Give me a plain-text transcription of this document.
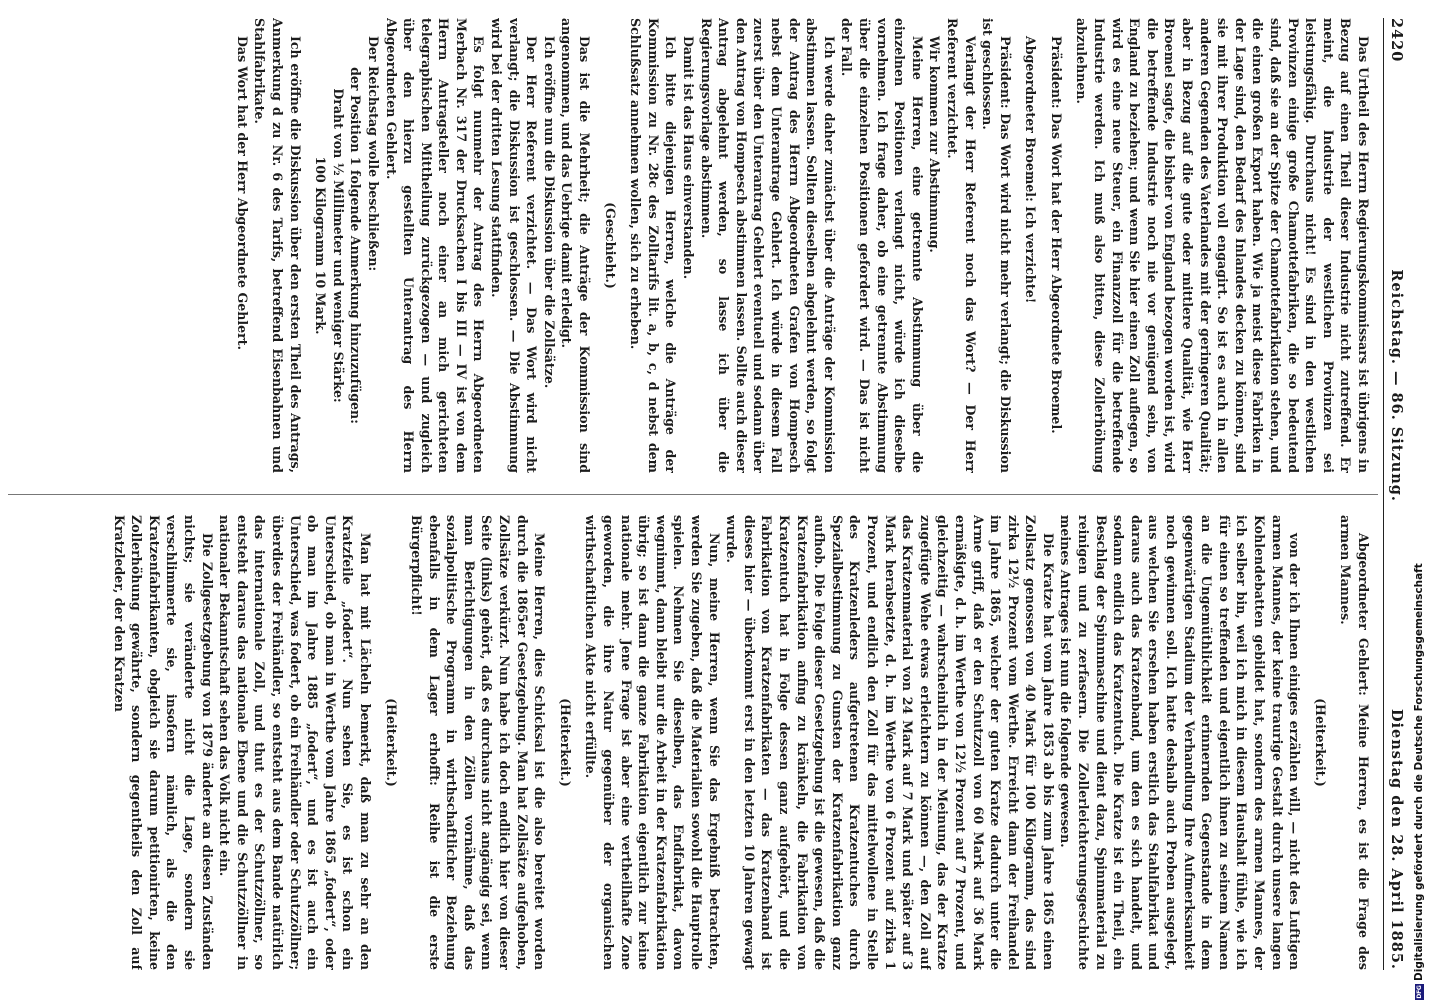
2420
Reichstag. — 86. Sitzung.
Dienstag den 28. April 1885.

Das Urtheil des Herrn Regierungskommissars ist übrigens in Bezug auf einen Theil dieser Industrie nicht zutreffend. Er meint, die Industrie der westlichen Provinzen sei leistungsfähig. Durchaus nicht! Es sind in den westlichen Provinzen einige große Chamottefabriken, die so bedeutend sind, daß sie an der Spitze der Chamottefabrikation stehen, und die einen großen Export haben. Wie ja meist diese Fabriken in der Lage sind, den Bedarf des Inlandes decken zu können, sind sie mit ihrer Produktion voll engagirt. So ist es auch in allen anderen Gegenden des Vaterlandes mit der geringeren Qualität; aber in Bezug auf die gute oder mittlere Qualität, wie Herr Broemel sagte, die bisher von England bezogen worden ist, wird die betreffende Industrie noch nie vor genügend sein, von England zu beziehen; und wenn Sie hier einen Zoll auflegen, so wird es eine neue Steuer, ein Finanzzoll für die betreffende Industrie werden. Ich muß also bitten, diese Zollerhöhung abzulehnen.

Präsident: Das Wort hat der Herr Abgeordnete Broemel.

Abgeordneter Broemel: Ich verzichte!

Präsident: Das Wort wird nicht mehr verlangt; die Diskussion ist geschlossen.

Verlangt der Herr Referent noch das Wort? — Der Herr Referent verzichtet.

Wir kommen zur Abstimmung.

Meine Herren, eine getrennte Abstimmung über die einzelnen Positionen verlangt nicht, würde ich dieselbe vornehmen. Ich frage daher, ob eine getrennte Abstimmung über die einzelnen Positionen gefordert wird. — Das ist nicht der Fall.

Ich werde daher zunächst über die Anträge der Kommission abstimmen lassen. Sollten dieselben abgelehnt werden, so folgt der Antrag des Herrn Abgeordneten Grafen von Hompesch nebst dem Unterantrage Gehlert. Ich würde in diesem Fall zuerst über den Unterantrag Gehlert eventuell und sodann über den Antrag von Hompesch abstimmen lassen. Sollte auch dieser Antrag abgelehnt werden, so lasse ich über die Regierungsvorlage abstimmen.

Damit ist das Haus einverstanden.

Ich bitte diejenigen Herren, welche die Anträge der Kommission zu Nr. 28c des Zolltarifs lit. a, b, c, d nebst dem Schlußsatz annehmen wollen, sich zu erheben.

(Geschieht.)

Das ist die Mehrheit; die Anträge der Kommission sind angenommen, und das Uebrige damit erledigt.

Ich eröffne nun die Diskussion über die Zollsätze.

Der Herr Referent verzichtet. — Das Wort wird nicht verlangt; die Diskussion ist geschlossen. — Die Abstimmung wird bei der dritten Lesung stattfinden.

Es folgt nunmehr der Antrag des Herrn Abgeordneten Merbach Nr. 317 der Drucksachen I bis III — IV ist von dem Herrn Antragsteller noch einer an mich gerichteten telegraphischen Mittheilung zurückgezogen — und zugleich über den hierzu gestellten Unterantrag des Herrn Abgeordneten Gehlert.

Der Reichstag wolle beschließen:

der Position 1 folgende Anmerkung hinzuzufügen:

Draht von ½ Millimeter und weniger Stärke:

100 Kilogramm 10 Mark.

Ich eröffne die Diskussion über den ersten Theil des Antrags, Anmerkung d zu Nr. 6 des Tarifs, betreffend Eisenbahnen und Stahlfabrikate.

Das Wort hat der Herr Abgeordnete Gehlert.

Abgeordneter Gehlert: Meine Herren, es ist die Frage des armen Mannes.

(Heiterkeit.)

von der ich Ihnen einiges erzählen will, — nicht des Luftigen armen Mannes, der keine traurige Gestalt durch unsere langen Kohlendebatten gebildet hat, sondern des armen Mannes, der ich selber bin, weil ich mich in diesem Haushalt fühle, wie ich für einen so treffenden und eigentlich ihnen zu seinem Namen an die Ungemüthlichkeit erinnernden Gegenstande in dem gegenwärtigen Stadium der Verhandlung Ihre Aufmerksamkeit noch gewinnen soll. Ich hatte deshalb auch Proben ausgelegt, aus welchen Sie ersehen haben erstlich das Stahlfabrikat und daraus auch das Kratzenband, um den es sich handelt, und sodann endlich das Kratzentuch. Die Kratze ist ein Theil, ein Beschlag der Spinnmaschine und dient dazu, Spinnmaterial zu reinigen und zu zerfasern. Die Zollerleichterungsgeschichte meines Antrages ist nun die folgende gewesen.

Die Kratze hat vom Jahre 1853 ab bis zum Jahre 1865 einen Zollsatz genossen von 40 Mark für 100 Kilogramm, das sind zirka 12½ Prozent vom Werthe. Erreicht dann der Freihandel im Jahre 1865, welcher der guten Kratze dadurch unter die Arme griff, daß er den Schutzzoll von 60 Mark auf 36 Mark ermäßigte, d. h. im Werthe von 12½ Prozent auf 7 Prozent, und gleichzeitig — wahrscheinlich in der Meinung, das der Kratze zugefügte Wehe etwas erleichtern zu können —, den Zoll auf das Kratzenmaterial von 24 Mark auf 7 Mark und später auf 3 Mark herabsetzte, d. h. im Werthe von 6 Prozent auf zirka 1 Prozent, und endlich den Zoll für das mittelwollene in Stelle des Kratzenleders aufgetretenen Kratzentuches durch Spezialbestimmung zu Gunsten der Kratzenfabrikation ganz aufhob. Die Folge dieser Gesetzgebung ist die gewesen, daß die Kratzenfabrikation anfing zu kränkeln, die Fabrikation von Kratzentuch hat in Folge dessen ganz aufgehört, und die Fabrikation von Kratzenfabrikaten — das Kratzenband ist dieses hier — überkommt erst in den letzten 10 Jahren gewagt wurde.

Nun, meine Herren, wenn Sie das Ergebniß betrachten, werden Sie zugeben, daß die Materialien sowohl die Hauptrolle spielen. Nehmen Sie dieselben, das Endfabrikat, davon wegnimmt, dann bleibt nur die Arbeit in der Kratzenfabrikation übrig; so ist dann die ganze Fabrikation eigentlich zur keine nationale mehr. Jene Frage ist aber eine vertheilhafte Zone geworden, die ihre Natur gegenüber der organischen wirthschaftlichen Akte nicht erfüllte.

(Heiterkeit.)

Meine Herren, dies Schicksal ist die also bereitet worden durch die 1865er Gesetzgebung. Man hat Zollsätze aufgehoben, Zollsätze verkürzt. Nun habe ich doch endlich hier von dieser Seite (links) gehört, daß es durchaus nicht angängig sei, wenn man Berichtigungen in den Zöllen vornähme, daß das sozialpolitische Programm in wirthschaftlicher Beziehung ebenfalls in dem Lager erhofft: Reihe ist die erste Bürgerpflicht!

(Heiterkeit.)

Man hat mit Lächeln bemerkt, daß man zu sehr an den Kratzfeile „fodert“. Nun sehen Sie, es ist schon ein Unterschied, ob man in Werthe vom Jahre 1865 „fodert“, oder ob man im Jahre 1885 „fodert“, und es ist auch ein Unterschied, was fodert, ob ein Freihändler oder Schutzzöllner; überdies der Freihändler, so entsteht aus dem Bande natürlich das internationale Zoll, und thut es der Schutzzöllner, so entsteht daraus das nationale Ebene und die Schutzzöllner in nationaler Bekanntschaft sehen das Volk nicht ein.

Die Zollgesetzgebung von 1879 änderte an diesen Zuständen nichts; sie veränderte nicht die Lage, sondern sie verschlimmerte sie, insofern nämlich, als die den Kratzenfabrikanten, obgleich sie darum petitionirten, keine Zollerhöhung gewährte, sondern gegentheils den Zoll auf Kratzleder, der den Kratzen

DFG
Digitalisierung gefördert durch die Deutsche Forschungsgemeinschaft
